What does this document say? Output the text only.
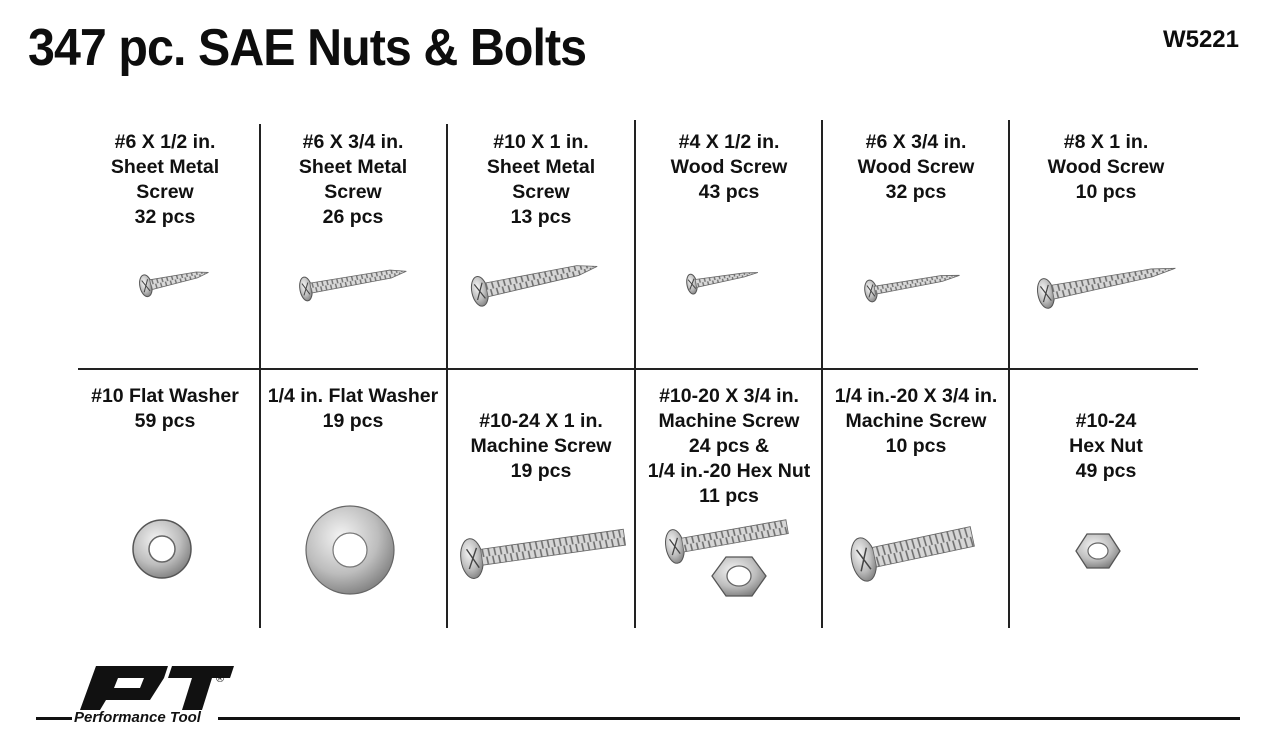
347 pc. SAE Nuts & Bolts	W5221
#6 X 1/2 in.
Sheet Metal
Screw
32 pcs
#6 X 3/4 in.
Sheet Metal
Screw
26 pcs
#10 X 1 in.
Sheet Metal
Screw
13 pcs
#4 X 1/2 in.
Wood Screw
43 pcs
#6 X 3/4 in.
Wood Screw
32 pcs
#8 X 1 in.
Wood Screw
10 pcs
#10 Flat Washer
59 pcs
1/4 in. Flat Washer
19 pcs	#10-24 X 1 in.
Machine Screw
19 pcs
#10-20 X 3/4 in.
Machine Screw
24 pcs &
1/4 in.-20 Hex Nut
11 pcs
1/4 in.-20 X 3/4 in.
Machine Screw
10 pcs
#10-24
Hex Nut
49 pcs
®
Performance Tool
